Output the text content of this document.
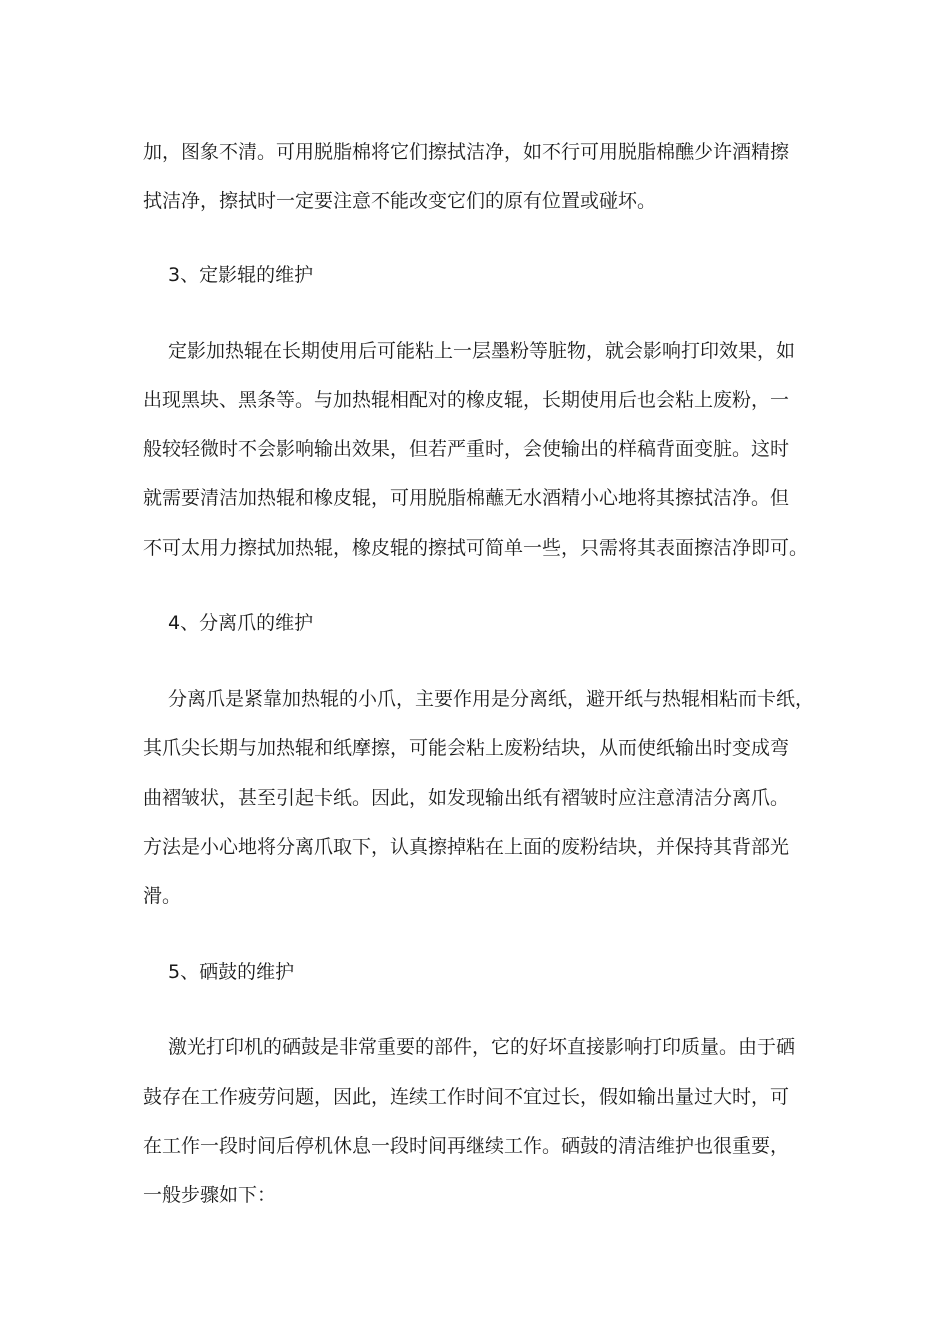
加，图象不清。可用脱脂棉将它们擦拭洁净，如不行可用脱脂棉醮少许酒精擦
拭洁净，擦拭时一定要注意不能改变它们的原有位置或碰坏。
3、定影辊的维护
定影加热辊在长期使用后可能粘上一层墨粉等脏物，就会影响打印效果，如
出现黑块、黑条等。与加热辊相配对的橡皮辊，长期使用后也会粘上废粉，一
般较轻微时不会影响输出效果，但若严重时，会使输出的样稿背面变脏。这时
就需要清洁加热辊和橡皮辊，可用脱脂棉蘸无水酒精小心地将其擦拭洁净。但
不可太用力擦拭加热辊，橡皮辊的擦拭可简单一些，只需将其表面擦洁净即可。
4、分离爪的维护
分离爪是紧靠加热辊的小爪，主要作用是分离纸，避开纸与热辊相粘而卡纸，
其爪尖长期与加热辊和纸摩擦，可能会粘上废粉结块，从而使纸输出时变成弯
曲褶皱状，甚至引起卡纸。因此，如发现输出纸有褶皱时应注意清洁分离爪。
方法是小心地将分离爪取下，认真擦掉粘在上面的废粉结块，并保持其背部光
滑。
5、硒鼓的维护
激光打印机的硒鼓是非常重要的部件，它的好坏直接影响打印质量。由于硒
鼓存在工作疲劳问题，因此，连续工作时间不宜过长，假如输出量过大时，可
在工作一段时间后停机休息一段时间再继续工作。硒鼓的清洁维护也很重要，
一般步骤如下：
